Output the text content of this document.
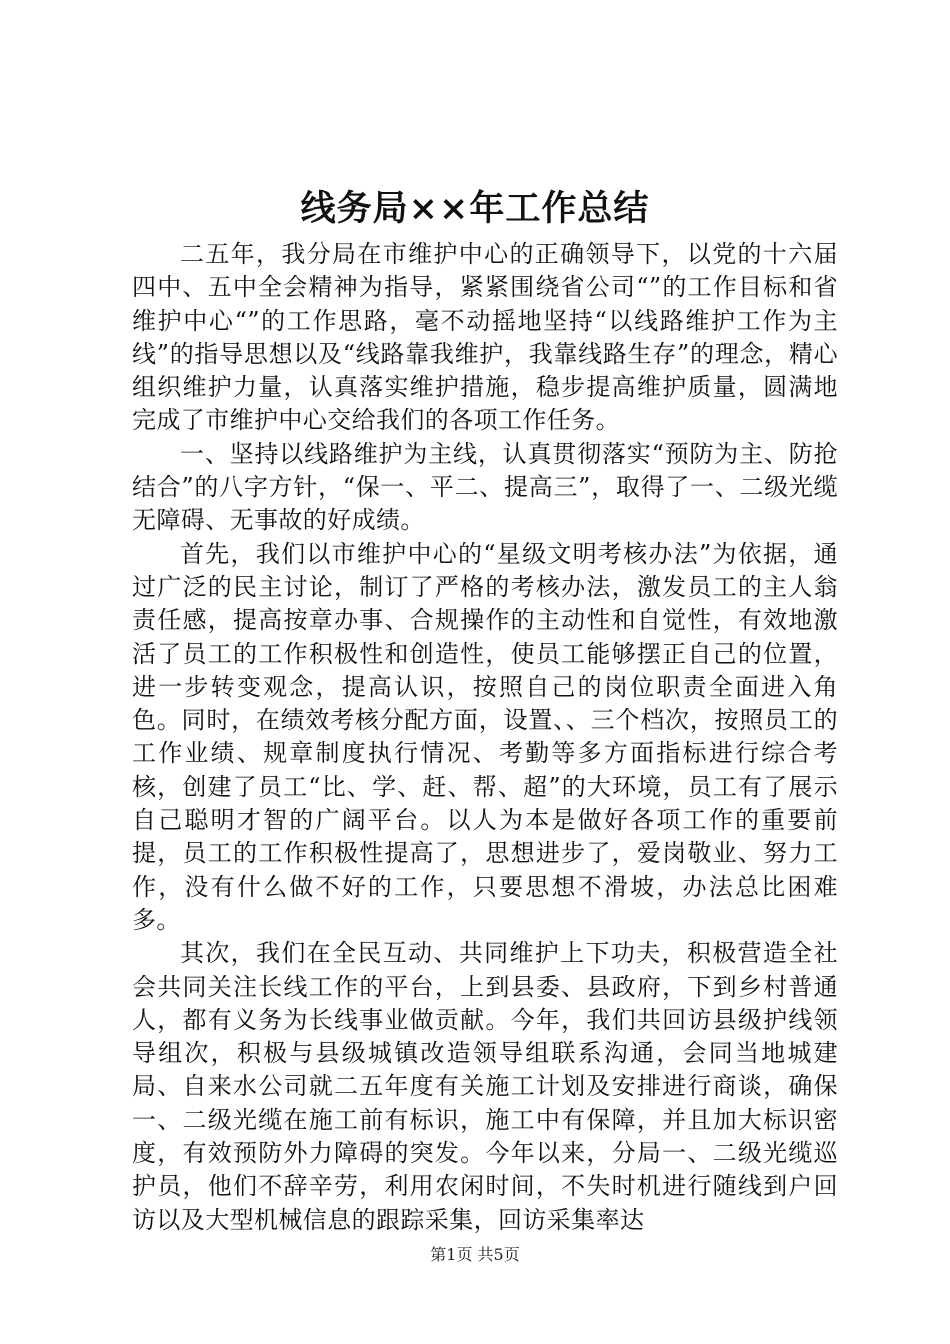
线务局××年工作总结

二五年，我分局在市维护中心的正确领导下，以党的十六届四中、五中全会精神为指导，紧紧围绕省公司“”的工作目标和省维护中心“”的工作思路，毫不动摇地坚持“以线路维护工作为主线”的指导思想以及“线路靠我维护，我靠线路生存”的理念，精心组织维护力量，认真落实维护措施，稳步提高维护质量，圆满地完成了市维护中心交给我们的各项工作任务。

一、坚持以线路维护为主线，认真贯彻落实“预防为主、防抢结合”的八字方针，“保一、平二、提高三”，取得了一、二级光缆无障碍、无事故的好成绩。

首先，我们以市维护中心的“星级文明考核办法”为依据，通过广泛的民主讨论，制订了严格的考核办法，激发员工的主人翁责任感，提高按章办事、合规操作的主动性和自觉性，有效地激活了员工的工作积极性和创造性，使员工能够摆正自己的位置，进一步转变观念，提高认识，按照自己的岗位职责全面进入角色。同时，在绩效考核分配方面，设置、、三个档次，按照员工的工作业绩、规章制度执行情况、考勤等多方面指标进行综合考核，创建了员工“比、学、赶、帮、超”的大环境，员工有了展示自己聪明才智的广阔平台。以人为本是做好各项工作的重要前提，员工的工作积极性提高了，思想进步了，爱岗敬业、努力工作，没有什么做不好的工作，只要思想不滑坡，办法总比困难多。

其次，我们在全民互动、共同维护上下功夫，积极营造全社会共同关注长线工作的平台，上到县委、县政府，下到乡村普通人，都有义务为长线事业做贡献。今年，我们共回访县级护线领导组次，积极与县级城镇改造领导组联系沟通，会同当地城建局、自来水公司就二五年度有关施工计划及安排进行商谈，确保一、二级光缆在施工前有标识，施工中有保障，并且加大标识密度，有效预防外力障碍的突发。今年以来，分局一、二级光缆巡护员，他们不辞辛劳，利用农闲时间，不失时机进行随线到户回访以及大型机械信息的跟踪采集，回访采集率达

第1页 共5页
